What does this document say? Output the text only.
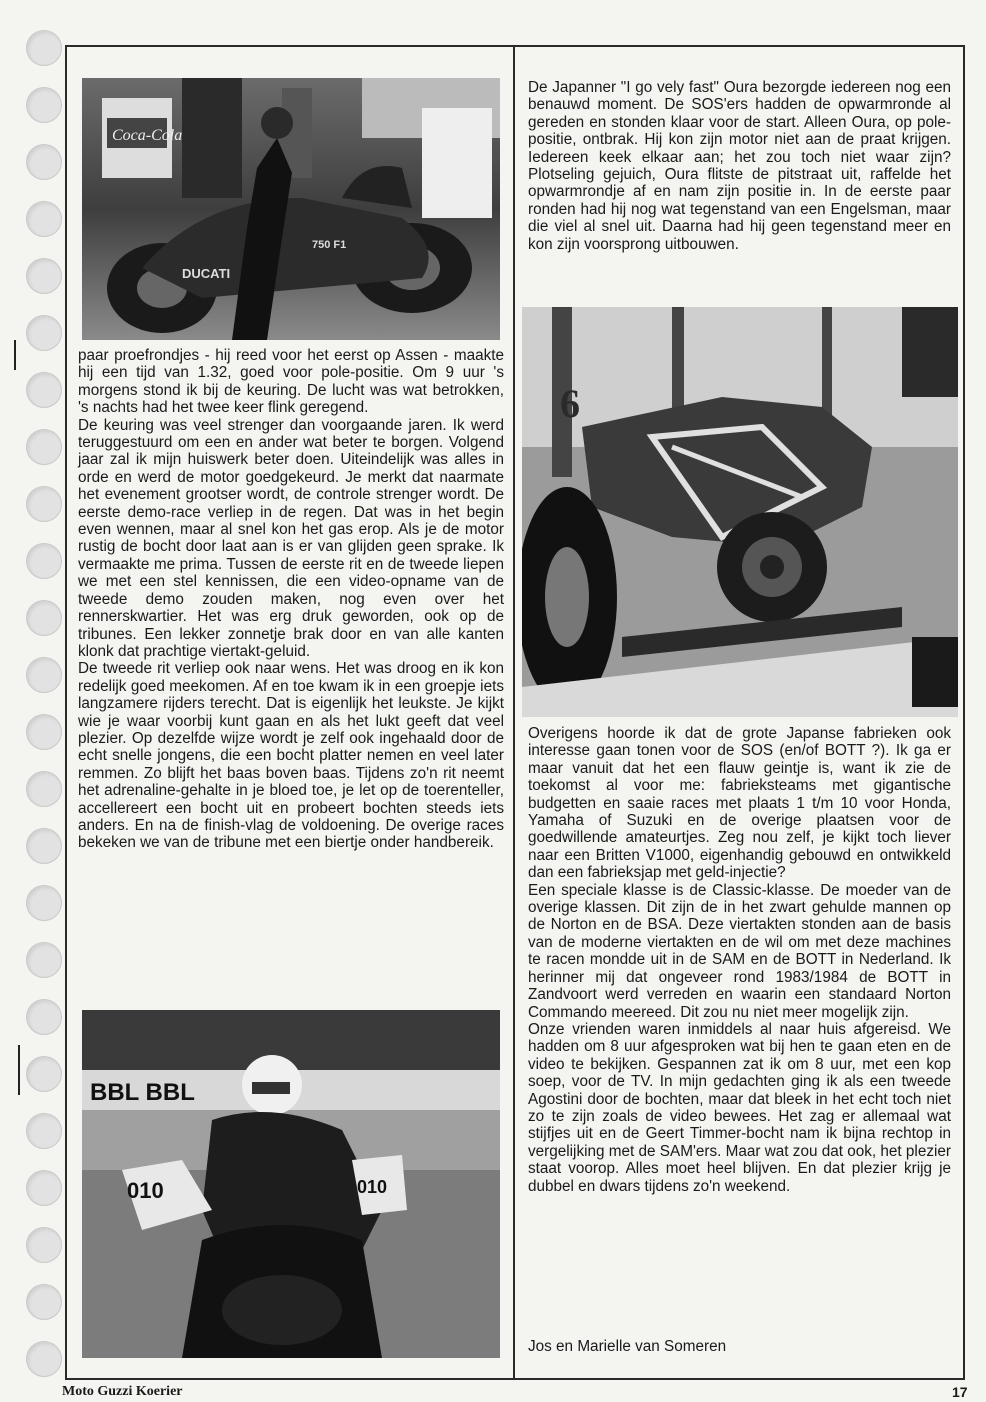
Coca-Cola
DUCATI
750 F1

paar proefrondjes - hij reed voor het eerst op Assen - maakte hij een tijd van 1.32, goed voor pole-positie. Om 9 uur 's morgens stond ik bij de keuring. De lucht was wat betrokken, 's nachts had het twee keer flink geregend.

De keuring was veel strenger dan voorgaande jaren. Ik werd teruggestuurd om een en ander wat beter te borgen. Volgend jaar zal ik mijn huiswerk beter doen. Uiteindelijk was alles in orde en werd de motor goedgekeurd. Je merkt dat naarmate het evenement grootser wordt, de controle strenger wordt. De eerste demo-race verliep in de regen. Dat was in het begin even wennen, maar al snel kon het gas erop. Als je de motor rustig de bocht door laat aan is er van glijden geen sprake. Ik vermaakte me prima. Tussen de eerste rit en de tweede liepen we met een stel kennissen, die een video-opname van de tweede demo zouden maken, nog even over het rennerskwartier. Het was erg druk geworden, ook op de tribunes. Een lekker zonnetje brak door en van alle kanten klonk dat prachtige viertakt-geluid.

De tweede rit verliep ook naar wens. Het was droog en ik kon redelijk goed meekomen. Af en toe kwam ik in een groepje iets langzamere rijders terecht. Dat is eigenlijk het leukste. Je kijkt wie je waar voorbij kunt gaan en als het lukt geeft dat veel plezier. Op dezelfde wijze wordt je zelf ook ingehaald door de echt snelle jongens, die een bocht platter nemen en veel later remmen. Zo blijft het baas boven baas. Tijdens zo'n rit neemt het adrenaline-gehalte in je bloed toe, je let op de toerenteller, accellereert een bocht uit en probeert bochten steeds iets anders. En na de finish-vlag de voldoening. De overige races bekeken we van de tribune met een biertje onder handbereik.

BBL BBL
010	010

De Japanner "I go vely fast" Oura bezorgde iedereen nog een benauwd moment. De SOS'ers hadden de opwarmronde al gereden en stonden klaar voor de start. Alleen Oura, op pole-positie, ontbrak. Hij kon zijn motor niet aan de praat krijgen. Iedereen keek elkaar aan; het zou toch niet waar zijn? Plotseling gejuich, Oura flitste de pitstraat uit, raffelde het opwarmrondje af en nam zijn positie in. In de eerste paar ronden had hij nog wat tegenstand van een Engelsman, maar die viel al snel uit. Daarna had hij geen tegenstand meer en kon zijn voorsprong uitbouwen.

6

Overigens hoorde ik dat de grote Japanse fabrieken ook interesse gaan tonen voor de SOS (en/of BOTT ?). Ik ga er maar vanuit dat het een flauw geintje is, want ik zie de toekomst al voor me: fabrieksteams met gigantische budgetten en saaie races met plaats 1 t/m 10 voor Honda, Yamaha of Suzuki en de overige plaatsen voor de goedwillende amateurtjes. Zeg nou zelf, je kijkt toch liever naar een Britten V1000, eigenhandig gebouwd en ontwikkeld dan een fabrieksjap met geld-injectie?

Een speciale klasse is de Classic-klasse. De moeder van de overige klassen. Dit zijn de in het zwart gehulde mannen op de Norton en de BSA. Deze viertakten stonden aan de basis van de moderne viertakten en de wil om met deze machines te racen mondde uit in de SAM en de BOTT in Nederland. Ik herinner mij dat ongeveer rond 1983/1984 de BOTT in Zandvoort werd verreden en waarin een standaard Norton Commando meereed. Dit zou nu niet meer mogelijk zijn.

Onze vrienden waren inmiddels al naar huis afgereisd. We hadden om 8 uur afgesproken wat bij hen te gaan eten en de video te bekijken. Gespannen zat ik om 8 uur, met een kop soep, voor de TV. In mijn gedachten ging ik als een tweede Agostini door de bochten, maar dat bleek in het echt toch niet zo te zijn zoals de video bewees. Het zag er allemaal wat stijfjes uit en de Geert Timmer-bocht nam ik bijna rechtop in vergelijking met de SAM'ers. Maar wat zou dat ook, het plezier staat voorop. Alles moet heel blijven. En dat plezier krijg je dubbel en dwars tijdens zo'n weekend.

Jos en Marielle van Someren
Moto Guzzi Koerier	17
